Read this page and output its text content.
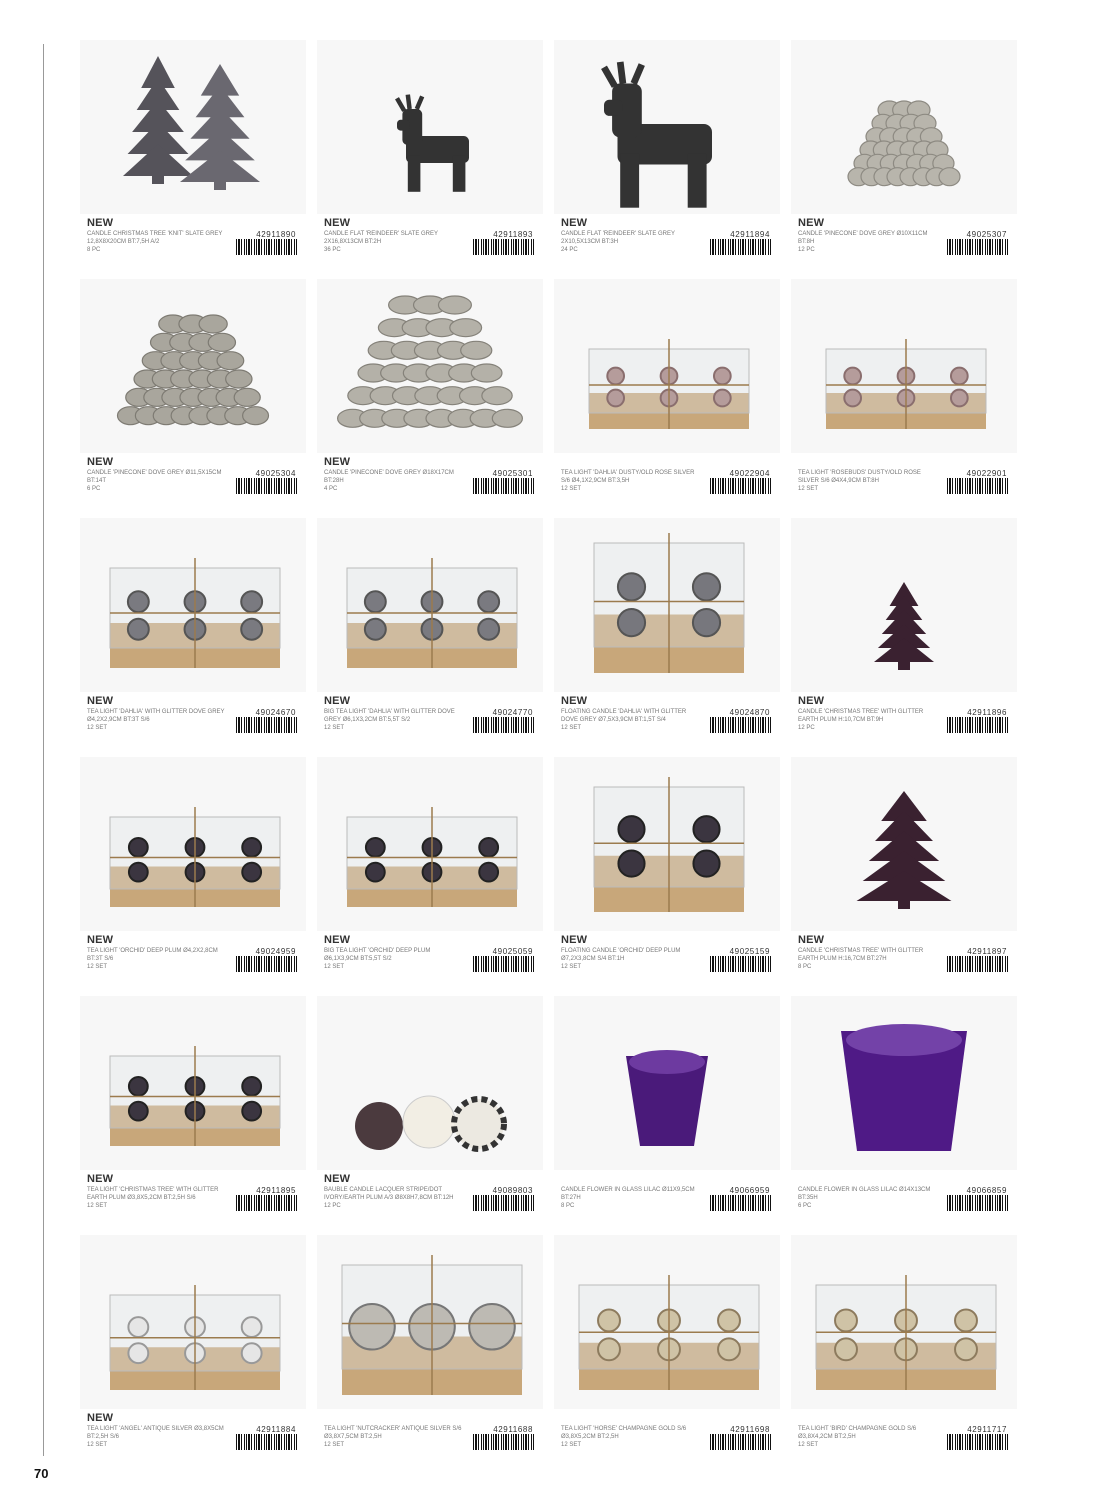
NEW
CANDLE CHRISTMAS TREE 'KNIT' SLATE GREY 12,8X8X20CM BT:7,5H A/2
8 PC
42911890
NEW
CANDLE FLAT 'REINDEER' SLATE GREY 2X16,8X13CM BT:2H
36 PC
42911893
NEW
CANDLE FLAT 'REINDEER' SLATE GREY 2X10,5X13CM BT:3H
24 PC
42911894
NEW
CANDLE 'PINECONE' DOVE GREY Ø10X11CM BT:8H
12 PC
49025307
NEW
CANDLE 'PINECONE' DOVE GREY Ø11,5X15CM BT:14T
6 PC
49025304
NEW
CANDLE 'PINECONE' DOVE GREY Ø18X17CM BT:28H
4 PC
49025301	TEA LIGHT 'DAHLIA' DUSTY/OLD ROSE SILVER S/6 Ø4,1X2,9CM BT:3,5H
12 SET
49022904	TEA LIGHT 'ROSEBUDS' DUSTY/OLD ROSE SILVER S/6 Ø4X4,9CM BT:8H
12 SET
49022901
NEW
TEA LIGHT 'DAHLIA' WITH GLITTER DOVE GREY Ø4,2X2,9CM BT:3T S/6
12 SET
49024670
NEW
BIG TEA LIGHT 'DAHLIA' WITH GLITTER DOVE GREY Ø6,1X3,2CM BT:5,5T S/2
12 SET
49024770
NEW
FLOATING CANDLE 'DAHLIA' WITH GLITTER DOVE GREY Ø7,5X3,9CM BT:1,5T S/4
12 SET
49024870
NEW
CANDLE 'CHRISTMAS TREE' WITH GLITTER EARTH PLUM H:10,7CM BT:9H
12 PC
42911896
NEW
TEA LIGHT 'ORCHID' DEEP PLUM Ø4,2X2,8CM BT:3T S/6
12 SET
49024959
NEW
BIG TEA LIGHT 'ORCHID' DEEP PLUM Ø6,1X3,9CM BT:5,5T S/2
12 SET
49025059
NEW
FLOATING CANDLE 'ORCHID' DEEP PLUM Ø7,2X3,8CM S/4 BT:1H
12 SET
49025159
NEW
CANDLE 'CHRISTMAS TREE' WITH GLITTER EARTH PLUM H:16,7CM BT:27H
8 PC
42911897
NEW
TEA LIGHT 'CHRISTMAS TREE' WITH GLITTER EARTH PLUM Ø3,8X5,2CM BT:2,5H S/6
12 SET
42911895
NEW
BAUBLE CANDLE LACQUER STRIPE/DOT IVORY/EARTH PLUM A/3 Ø8X8H7,8CM BT:12H
12 PC
49089803	CANDLE FLOWER IN GLASS LILAC Ø11X9,5CM BT:27H
8 PC
49066959	CANDLE FLOWER IN GLASS LILAC Ø14X13CM BT:35H
6 PC
49066859
NEW
TEA LIGHT 'ANGEL' ANTIQUE SILVER Ø3,8X5CM BT:2,5H S/6
12 SET
42911884	TEA LIGHT 'NUTCRACKER' ANTIQUE SILVER S/6 Ø3,8X7,5CM BT:2,5H
12 SET
42911688	TEA LIGHT 'HORSE' CHAMPAGNE GOLD S/6 Ø3,8X5,2CM BT:2,5H
12 SET
42911698	TEA LIGHT 'BIRD' CHAMPAGNE GOLD S/6 Ø3,8X4,2CM BT:2,5H
12 SET
42911717
70
